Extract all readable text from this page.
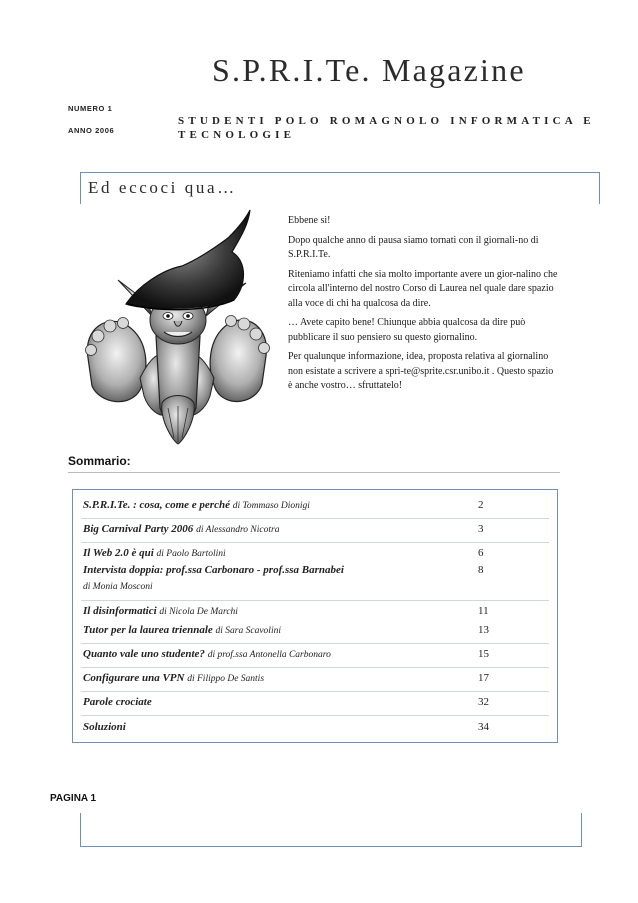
S.P.R.I.Te. Magazine
NUMERO 1
ANNO 2006
STUDENTI POLO ROMAGNOLO INFORMATICA E TECNOLOGIE
Ed eccoci qua…

Ebbene sì!

Dopo qualche anno di pausa siamo tornati con il giornali-no di S.P.R.I.Te.

Riteniamo infatti che sia molto importante avere un gior-nalino che circola all'interno del nostro Corso di Laurea nel quale dare spazio alla voce di chi ha qualcosa da dire.

… Avete capito bene! Chiunque abbia qualcosa da dire può pubblicare il suo pensiero su questo giornalino.

Per qualunque informazione, idea, proposta relativa al giornalino non esistate a scrivere a spri-te@sprite.csr.unibo.it . Questo spazio è anche vostro… sfruttatelo!

Sommario:
S.P.R.I.Te. : cosa, come e perché di Tommaso Dionigi	2
Big Carnival Party 2006 di Alessandro Nicotra	3
Il Web 2.0 è qui di Paolo Bartolini	6
Intervista doppia: prof.ssa Carbonaro - prof.ssa Barnabei	8
di Monia Mosconi
Il disinformatici di Nicola De Marchi	11
Tutor per la laurea triennale di Sara Scavolini	13
Quanto vale uno studente? di prof.ssa Antonella Carbonaro	15
Configurare una VPN di Filippo De Santis	17
Parole crociate	32
Soluzioni	34
PAGINA 1
